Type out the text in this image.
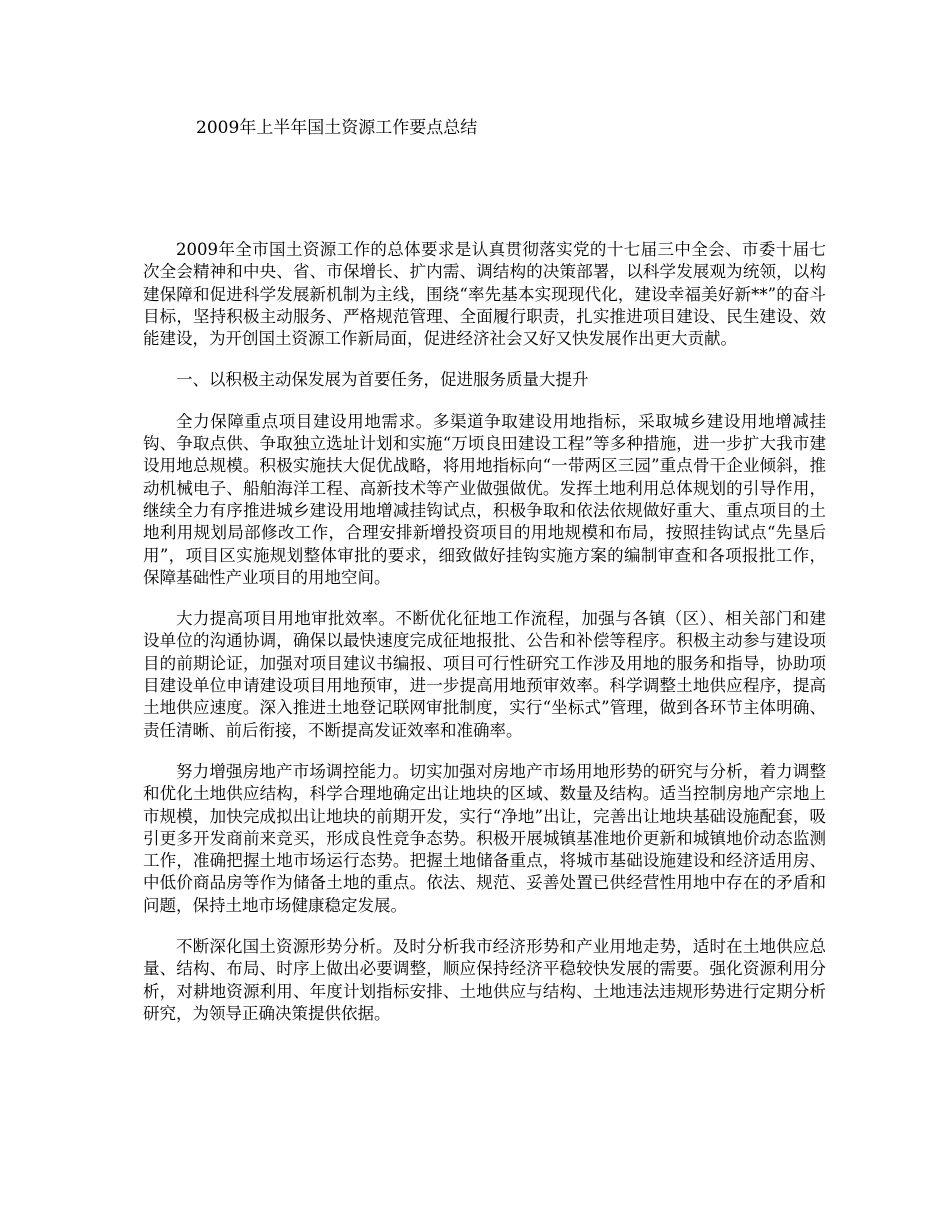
2009年上半年国土资源工作要点总结

2009年全市国土资源工作的总体要求是认真贯彻落实党的十七届三中全会、市委十届七次全会精神和中央、省、市保增长、扩内需、调结构的决策部署，以科学发展观为统领，以构建保障和促进科学发展新机制为主线，围绕“率先基本实现现代化，建设幸福美好新**”的奋斗目标，坚持积极主动服务、严格规范管理、全面履行职责，扎实推进项目建设、民生建设、效能建设，为开创国土资源工作新局面，促进经济社会又好又快发展作出更大贡献。

一、以积极主动保发展为首要任务，促进服务质量大提升

全力保障重点项目建设用地需求。多渠道争取建设用地指标，采取城乡建设用地增减挂钩、争取点供、争取独立选址计划和实施“万顷良田建设工程”等多种措施，进一步扩大我市建设用地总规模。积极实施扶大促优战略，将用地指标向“一带两区三园”重点骨干企业倾斜，推动机械电子、船舶海洋工程、高新技术等产业做强做优。发挥土地利用总体规划的引导作用，继续全力有序推进城乡建设用地增减挂钩试点，积极争取和依法依规做好重大、重点项目的土地利用规划局部修改工作，合理安排新增投资项目的用地规模和布局，按照挂钩试点“先垦后用”，项目区实施规划整体审批的要求，细致做好挂钩实施方案的编制审查和各项报批工作，保障基础性产业项目的用地空间。

大力提高项目用地审批效率。不断优化征地工作流程，加强与各镇（区）、相关部门和建设单位的沟通协调，确保以最快速度完成征地报批、公告和补偿等程序。积极主动参与建设项目的前期论证，加强对项目建议书编报、项目可行性研究工作涉及用地的服务和指导，协助项目建设单位申请建设项目用地预审，进一步提高用地预审效率。科学调整土地供应程序，提高土地供应速度。深入推进土地登记联网审批制度，实行“坐标式”管理，做到各环节主体明确、责任清晰、前后衔接，不断提高发证效率和准确率。

努力增强房地产市场调控能力。切实加强对房地产市场用地形势的研究与分析，着力调整和优化土地供应结构，科学合理地确定出让地块的区域、数量及结构。适当控制房地产宗地上市规模，加快完成拟出让地块的前期开发，实行“净地”出让，完善出让地块基础设施配套，吸引更多开发商前来竞买，形成良性竞争态势。积极开展城镇基准地价更新和城镇地价动态监测工作，准确把握土地市场运行态势。把握土地储备重点，将城市基础设施建设和经济适用房、中低价商品房等作为储备土地的重点。依法、规范、妥善处置已供经营性用地中存在的矛盾和问题，保持土地市场健康稳定发展。

不断深化国土资源形势分析。及时分析我市经济形势和产业用地走势，适时在土地供应总量、结构、布局、时序上做出必要调整，顺应保持经济平稳较快发展的需要。强化资源利用分析，对耕地资源利用、年度计划指标安排、土地供应与结构、土地违法违规形势进行定期分析研究，为领导正确决策提供依据。
